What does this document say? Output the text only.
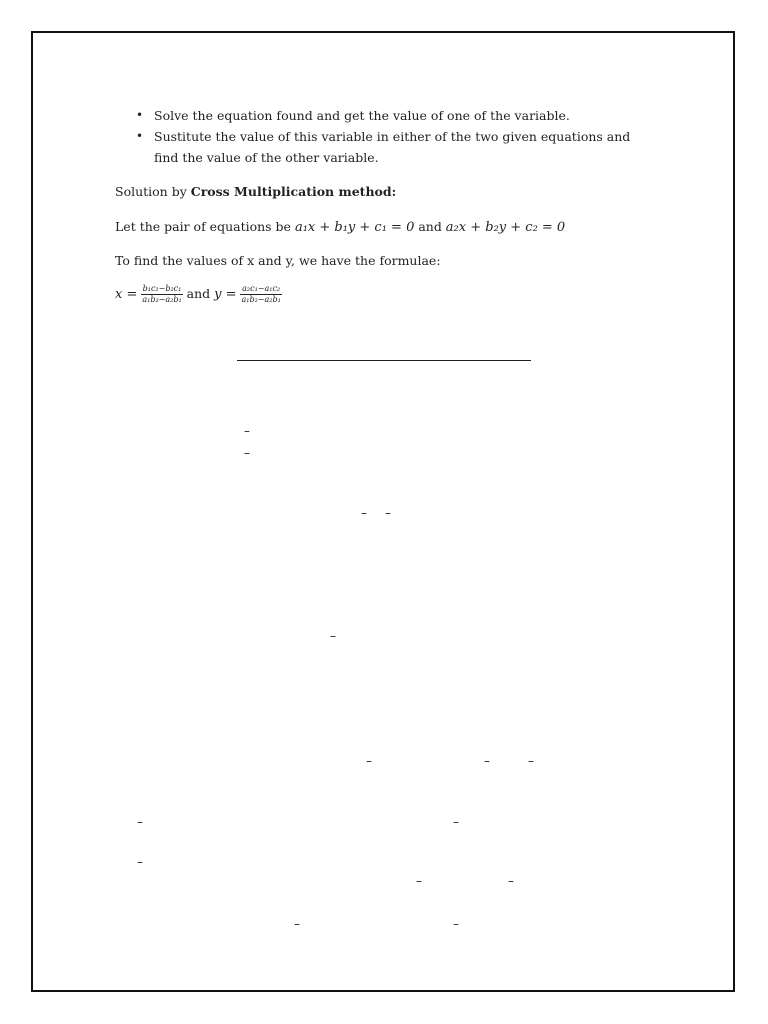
• Solve the equation found and get the value of one of the variable.
• Sustitute the value of this variable in either of the two given equations and find the value of the other variable.

Solution by Cross Multiplication method:

Let the pair of equations be a₁x + b₁y + c₁ = 0 and a₂x + b₂y + c₂ = 0

To find the values of x and y, we have the formulae:

$x = \frac{\text{b₁c₂−b₂c₁}}{\text{a₁b₂−a₂b₁}}$ and $y = \frac{\text{a₂c₁−a₁c₂}}{\text{a₁b₂−a₂b₁}}$

–
–
– –
–
–	–	–
–	–
–
–	–
–	–
